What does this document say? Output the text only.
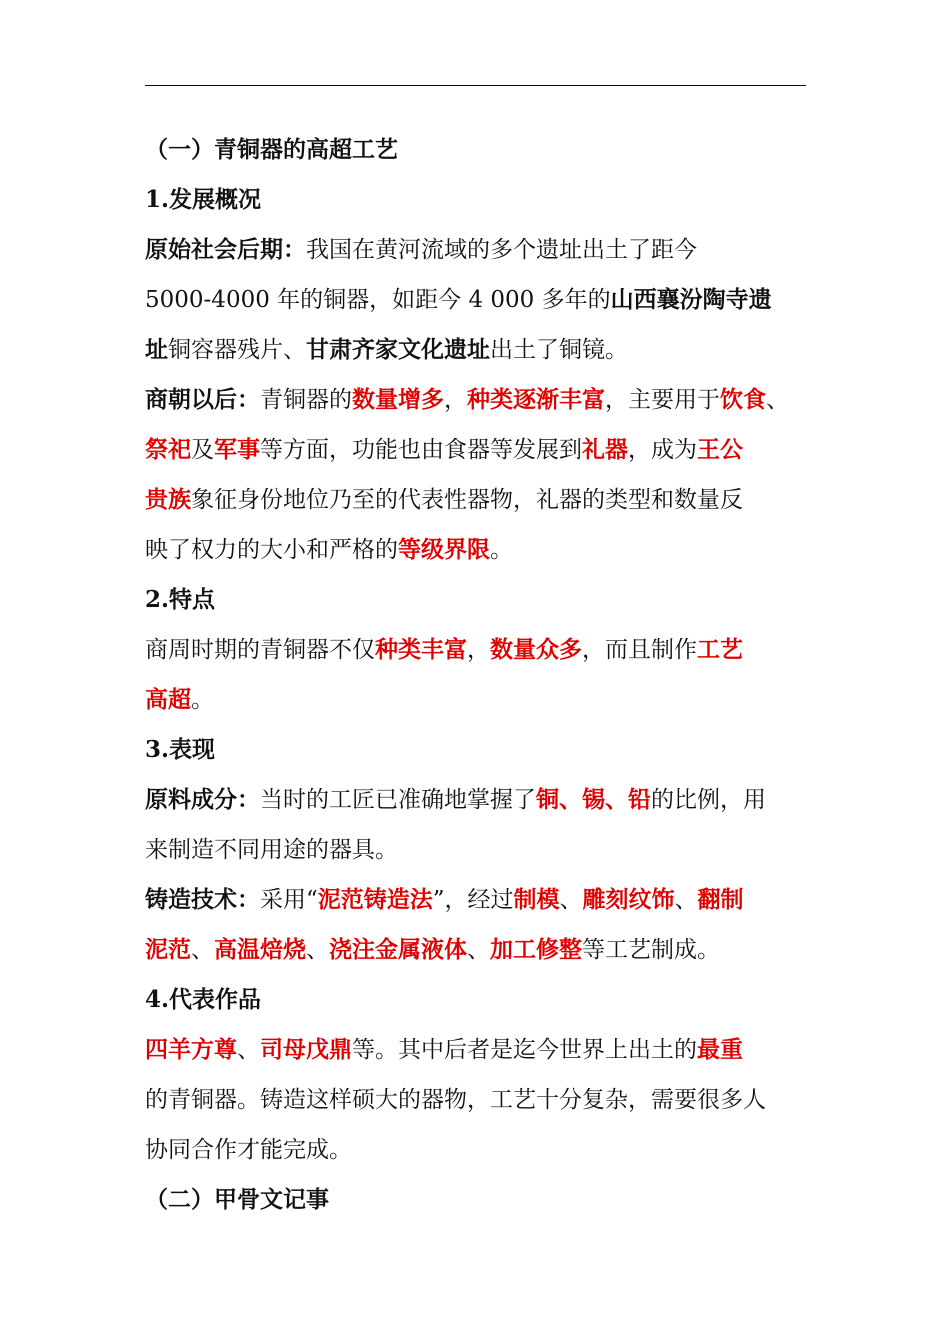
（一）青铜器的高超工艺
1.发展概况
原始社会后期：我国在黄河流域的多个遗址出土了距今
5000-4000 年的铜器，如距今 4 000 多年的山西襄汾陶寺遗
址铜容器残片、甘肃齐家文化遗址出土了铜镜。
商朝以后：青铜器的数量增多，种类逐渐丰富，主要用于饮食、
祭祀及军事等方面，功能也由食器等发展到礼器，成为王公
贵族象征身份地位乃至的代表性器物，礼器的类型和数量反
映了权力的大小和严格的等级界限。
2.特点
商周时期的青铜器不仅种类丰富，数量众多，而且制作工艺
高超。
3.表现
原料成分：当时的工匠已准确地掌握了铜、锡、铅的比例，用
来制造不同用途的器具。
铸造技术：采用“泥范铸造法”，经过制模、雕刻纹饰、翻制
泥范、高温焙烧、浇注金属液体、加工修整等工艺制成。
4.代表作品
四羊方尊、司母戊鼎等。其中后者是迄今世界上出土的最重
的青铜器。铸造这样硕大的器物，工艺十分复杂，需要很多人
协同合作才能完成。
（二）甲骨文记事
